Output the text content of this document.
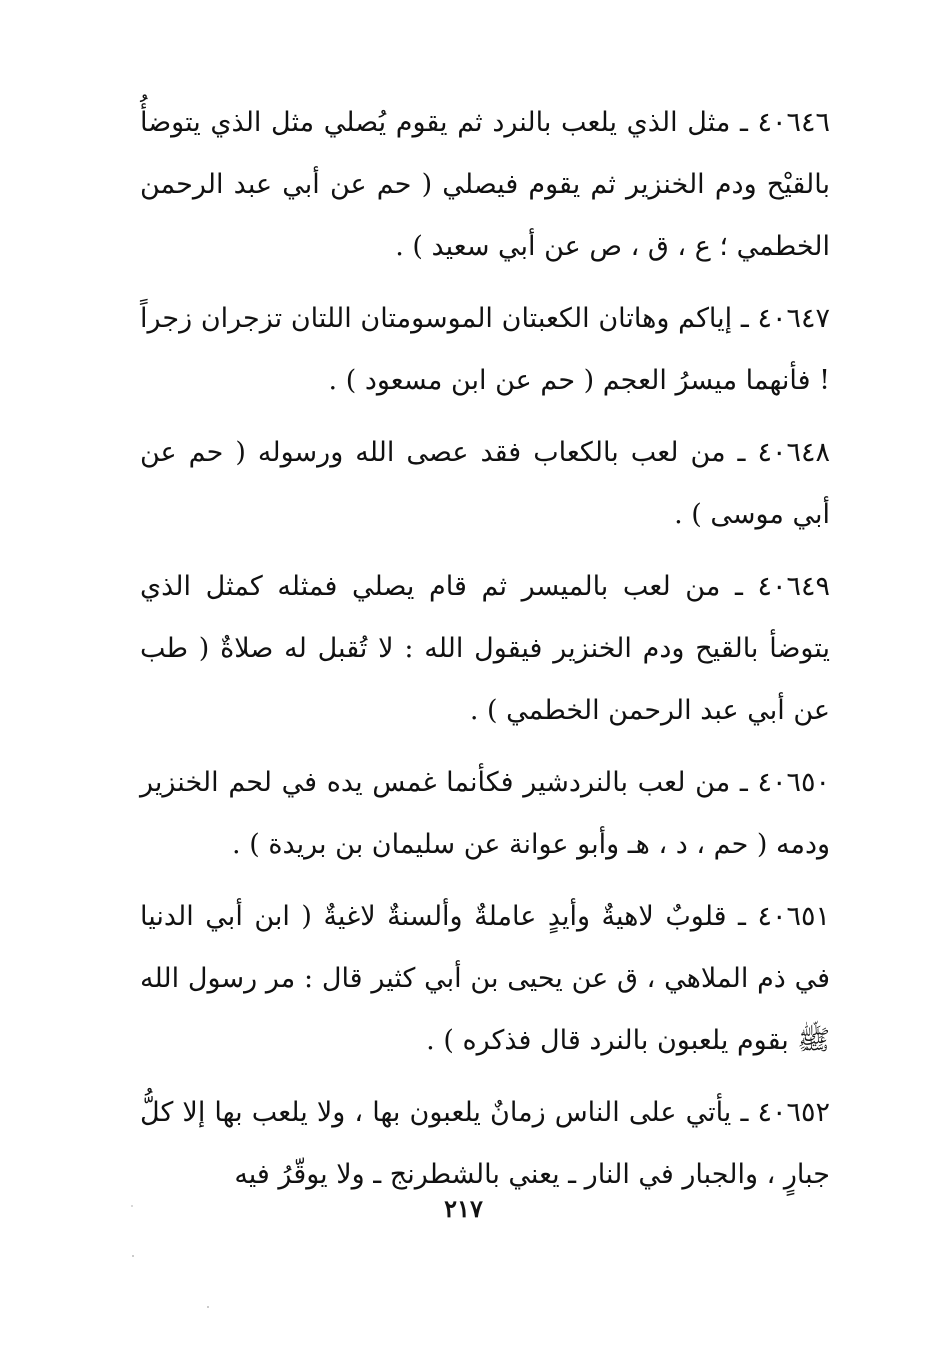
٤٠٦٤٦ ـ مثل الذي يلعب بالنرد ثم يقوم يُصلي مثل الذي يتوضأُ بالقيْح ودم الخنزير ثم يقوم فيصلي ( حم عن أبي عبد الرحمن الخطمي ؛ ع ، ق ، ص عن أبي سعيد ) .

٤٠٦٤٧ ـ إياكم وهاتان الكعبتان الموسومتان اللتان تزجران زجراً ! فأنهما ميسرُ العجم ( حم عن ابن مسعود ) .

٤٠٦٤٨ ـ من لعب بالكعاب فقد عصى الله ورسوله ( حم عن أبي موسى ) .

٤٠٦٤٩ ـ من لعب بالميسر ثم قام يصلي فمثله كمثل الذي يتوضأ بالقيح ودم الخنزير فيقول الله : لا تُقبل له صلاةٌ ( طب عن أبي عبد الرحمن الخطمي ) .

٤٠٦٥٠ ـ من لعب بالنردشير فكأنما غمس يده في لحم الخنزير ودمه ( حم ، د ، هـ وأبو عوانة عن سليمان بن بريدة ) .

٤٠٦٥١ ـ قلوبٌ لاهيةٌ وأيدٍ عاملةٌ وألسنةٌ لاغيةٌ ( ابن أبي الدنيا في ذم الملاهي ، ق عن يحيى بن أبي كثير قال : مر رسول الله ﷺ بقوم يلعبون بالنرد قال فذكره ) .

٤٠٦٥٢ ـ يأتي على الناس زمانٌ يلعبون بها ، ولا يلعب بها إلا كلُّ جبارٍ ، والجبار في النار ـ يعني بالشطرنج ـ ولا يوقّرُ فيه

٢١٧
